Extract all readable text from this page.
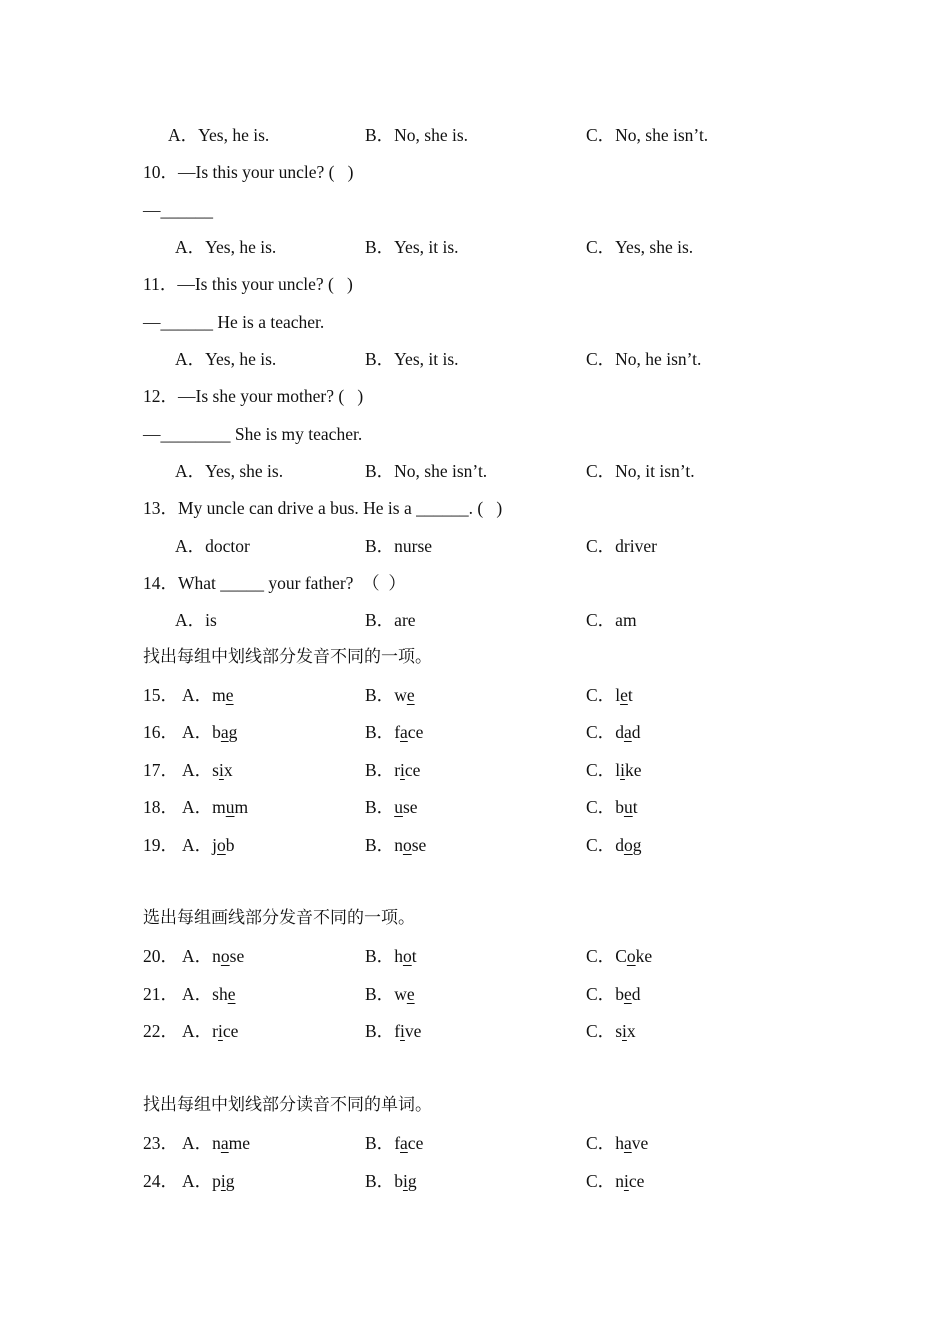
A．Yes, he is.	B．No, she is.	C．No, she isn’t.
10．—Is this your uncle? (   )
—______
A．Yes, he is.	B．Yes, it is.	C．Yes, she is.
11．—Is this your uncle? (   )
—______ He is a teacher.
A．Yes, he is.	B．Yes, it is.	C．No, he isn’t.
12．—Is she your mother? (   )
—________ She is my teacher.
A．Yes, she is.	B．No, she isn’t.	C．No, it isn’t.
13．My uncle can drive a bus. He is a ______. (   )
A．doctor	B．nurse	C．driver
14．What _____ your father?  （  ）
A．is	B．are	C．am
找出每组中划线部分发音不同的一项。
15． A．me	B．we	C．let
16． A．bag	B．face	C．dad
17． A．six	B．rice	C．like
18． A．mum	B．use	C．but
19． A．job	B．nose	C．dog
选出每组画线部分发音不同的一项。
20． A．nose	B．hot	C．Coke
21． A．she	B．we	C．bed
22． A．rice	B．five	C．six
找出每组中划线部分读音不同的单词。
23． A．name	B．face	C．have
24． A．pig	B．big	C．nice
